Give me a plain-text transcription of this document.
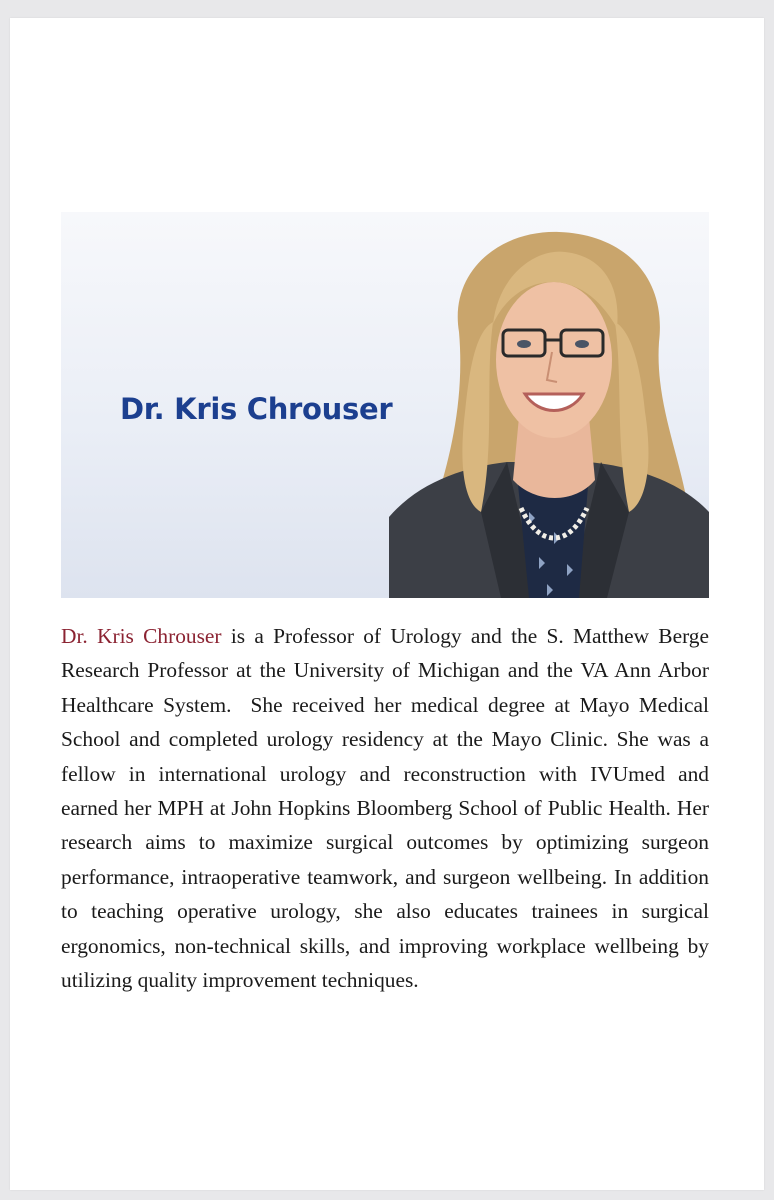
Dr. Kris Chrouser

Dr. Kris Chrouser is a Professor of Urology and the S. Matthew Berge Research Professor at the University of Michigan and the VA Ann Arbor Healthcare System.  She received her medical degree at Mayo Medical School and completed urology residency at the Mayo Clinic. She was a fellow in international urology and reconstruction with IVUmed and earned her MPH at John Hopkins Bloomberg School of Public Health. Her research aims to maximize surgical outcomes by optimizing surgeon performance, intraoperative teamwork, and surgeon wellbeing. In addition to teaching operative urology, she also educates trainees in surgical ergonomics, non-technical skills, and improving workplace wellbeing by utilizing quality improvement techniques.
